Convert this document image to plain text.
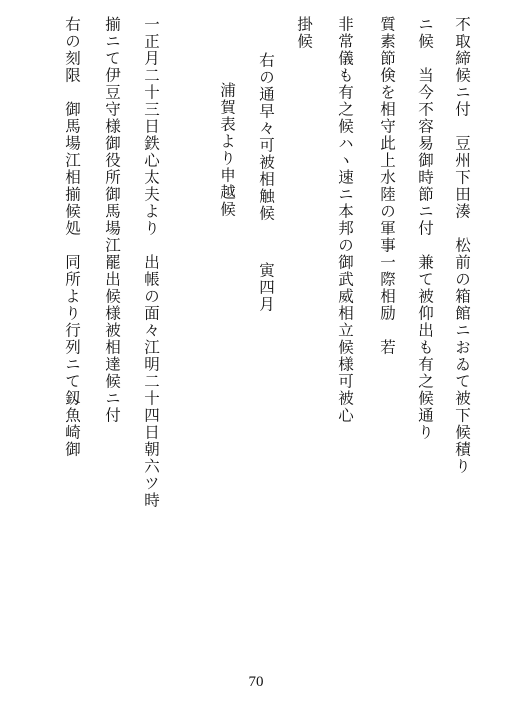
不取締候ニ付　豆州下田湊　松前の箱館ニおゐて被下候積り
ニ候　当今不容易御時節ニ付　兼て被仰出も有之候通り
質素節倹を相守此上水陸の軍事一際相励　若
非常儀も有之候ハヽ速ニ本邦の御武威相立候様可被心
掛候
右の通早々可被相触候
寅四月
浦賀表より申越候
一正月二十三日鉄心太夫より　出帳の面々江明二十四日朝六ツ時
揃ニて伊豆守様御役所御馬場江罷出候様被相達候ニ付
右の刻限　御馬場江相揃候処　同所より行列ニて釼魚崎御
70
